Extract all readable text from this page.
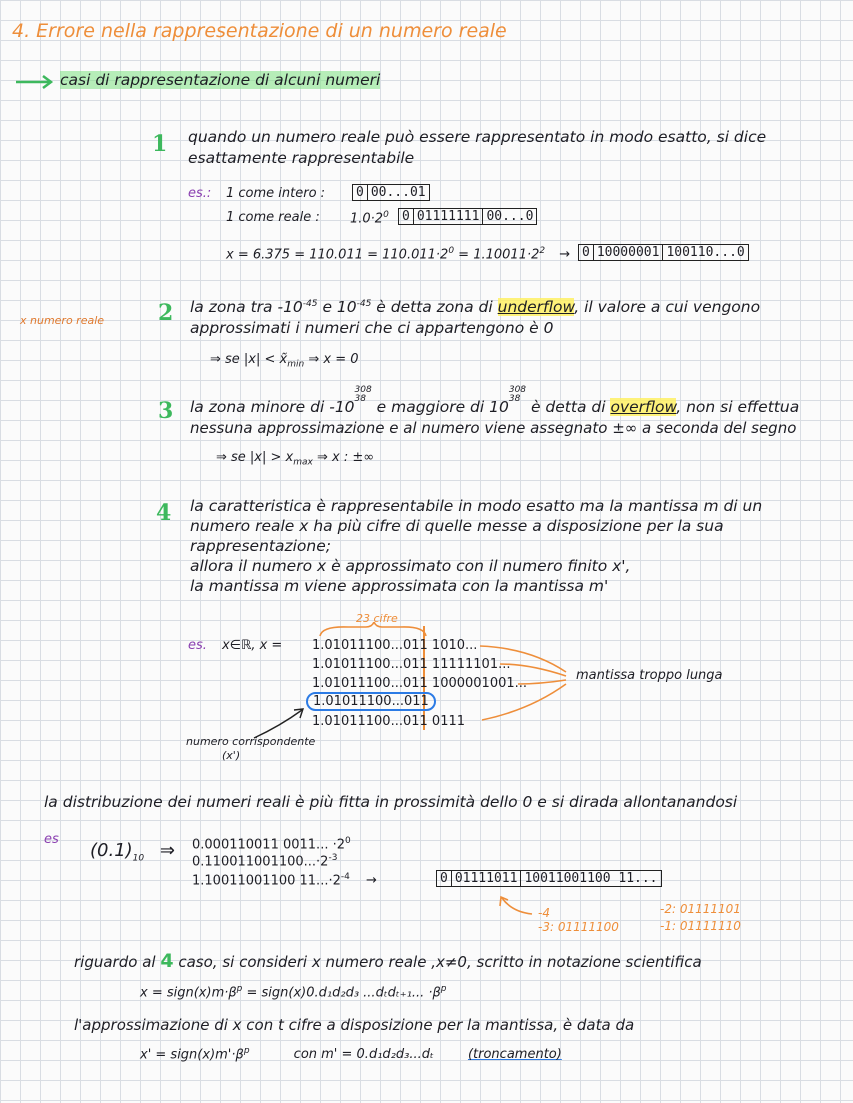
4. Errore nella rappresentazione di un numero reale
casi di rappresentazione di alcuni numeri
x numero reale
1 quando un numero reale può essere rappresentato in modo esatto, si dice
esattamente rappresentabile
es.: 1 come intero :	0 00...01
1 come reale : $1.0\cdot 2^0$	0 01111111 00...0
$x = 6.375 = 110.011 = 110.011\cdot 2^0 = 1.10011\cdot 2^2 \to 0$ 10000001 100110...0
2 la zona tra $-10^{-45}$ e $10^{-45}$ è detta zona di underflow, il valore a cui vengono
approssimati i numeri che ci appartengono è 0
⇒ se $|x| < x̃_{min}$ ⇒ x = 0
3 la zona minore di -10308
38 e maggiore di 10308
38 è detta di overflow, non si effettua
nessuna approssimazione e al numero viene assegnato ±∞ a seconda del segno
⇒ se $|x| > x_{max}$ ⇒ x : ±∞
4 la caratteristica è rappresentabile in modo esatto ma la mantissa m di un
numero reale x ha più cifre di quelle messe a disposizione per la sua
rappresentazione;
allora il numero x è approssimato con il numero finito x',
la mantissa m viene approssimata con la mantissa m'
23 cifre
es. x∈ℝ, x = 1.01011100...011 1010...
1.01011100...011 11111101...
1.01011100...011 1000001001...
1.01011100...011
1.01011100...011 0111
mantissa troppo lunga
numero corrispondente
(x')
la distribuzione dei numeri reali è più fitta in prossimità dello 0 e si dirada allontanandosi
es
$(0.1)_{10}$ ⇒ 0.000110011 0011... $\cdot 2^0$
$0.110011001100...\cdot 2^{-3}$
1.10011001100 $11...\cdot 2^{-4}$ →	0 01111011 10011001100 11...
-4
-3: 01111100
-2: 01111101
-1: 01111110
riguardo al 4 caso, si consideri x numero reale ,x≠0, scritto in notazione scientifica
$x = sign(x)m\cdot\beta^p$ = sign(x)0.d₁d₂d₃ ...dₜdₜ₊₁... $\cdot\beta^p$
l'approssimazione di x con t cifre a disposizione per la mantissa, è data da
$x' = sign(x)m'\cdot\beta^p$	con m' = 0.d₁d₂d₃...dₜ	(troncamento)
